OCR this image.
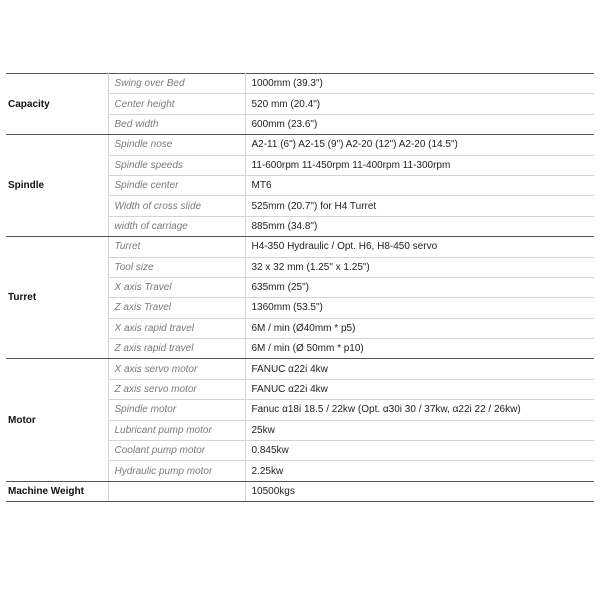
Capacity	Swing over Bed	1000mm (39.3")
	Center height	520 mm (20.4")
	Bed width	600mm (23.6")
Spindle	Spindle nose	A2-11 (6") A2-15 (9") A2-20 (12") A2-20 (14.5")
	Spindle speeds	11-600rpm 11-450rpm 11-400rpm 11-300rpm
	Spindle center	MT6
	Width of cross slide	525mm (20.7") for H4 Turret
	width of carriage	885mm (34.8")
Turret	Turret	H4-350 Hydraulic / Opt. H6, H8-450 servo
	Tool size	32 x 32 mm (1.25" x 1.25")
	X axis Travel	635mm (25")
	Z axis Travel	1360mm (53.5")
	X axis rapid travel	6M / min (Ø40mm * p5)
	Z axis rapid travel	6M / min (Ø 50mm * p10)
Motor	X axis servo motor	FANUC α22i 4kw
	Z axis servo motor	FANUC α22i 4kw
	Spindle motor	Fanuc α18i 18.5 / 22kw (Opt. α30i 30 / 37kw, α22i 22 / 26kw)
	Lubricant pump motor	25kw
	Coolant pump motor	0.845kw
	Hydraulic pump motor	2.25kw
Machine Weight		10500kgs
